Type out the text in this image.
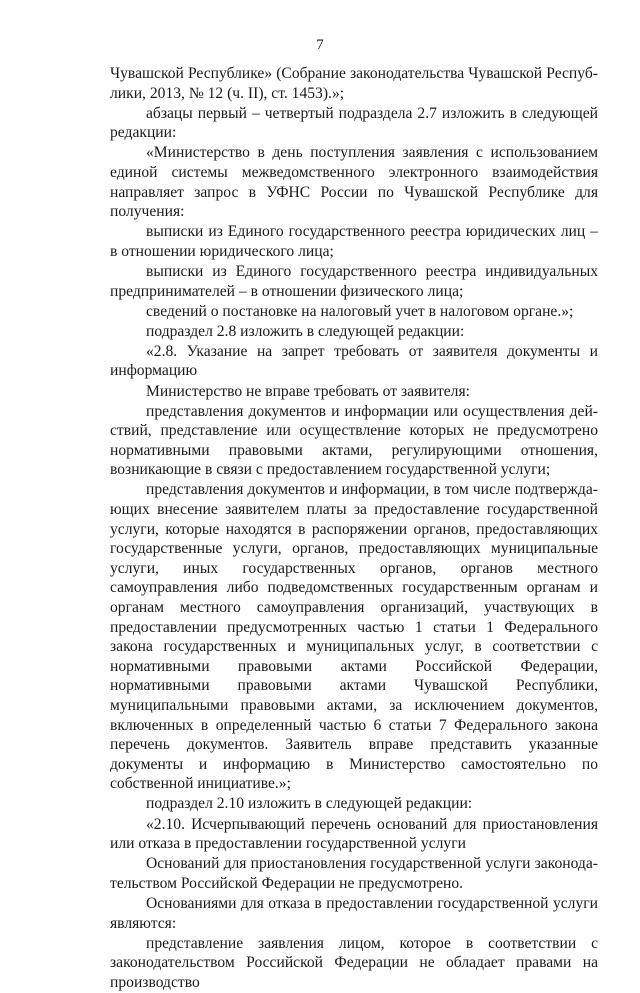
7

Чувашской Республике» (Собрание законодательства Чувашской Республики, 2013, № 12 (ч. II), ст. 1453).»;

абзацы первый – четвертый подраздела 2.7 изложить в следующей редакции:

«Министерство в день поступления заявления с использованием единой системы межведомственного электронного взаимодействия направляет запрос в УФНС России по Чувашской Республике для получения:

выписки из Единого государственного реестра юридических лиц – в отношении юридического лица;

выписки из Единого государственного реестра индивидуальных предпринимателей – в отношении физического лица;

сведений о постановке на налоговый учет в налоговом органе.»;

подраздел 2.8 изложить в следующей редакции:

«2.8. Указание на запрет требовать от заявителя документы и информацию

Министерство не вправе требовать от заявителя:

представления документов и информации или осуществления действий, представление или осуществление которых не предусмотрено нормативными правовыми актами, регулирующими отношения, возникающие в связи с предоставлением государственной услуги;

представления документов и информации, в том числе подтверждающих внесение заявителем платы за предоставление государственной услуги, которые находятся в распоряжении органов, предоставляющих государственные услуги, органов, предоставляющих муниципальные услуги, иных государственных органов, органов местного самоуправления либо подведомственных государственным органам и органам местного самоуправления организаций, участвующих в предоставлении предусмотренных частью 1 статьи 1 Федерального закона государственных и муниципальных услуг, в соответствии с нормативными правовыми актами Российской Федерации, нормативными правовыми актами Чувашской Республики, муниципальными правовыми актами, за исключением документов, включенных в определенный частью 6 статьи 7 Федерального закона перечень документов. Заявитель вправе представить указанные документы и информацию в Министерство самостоятельно по собственной инициативе.»;

подраздел 2.10 изложить в следующей редакции:

«2.10. Исчерпывающий перечень оснований для приостановления или отказа в предоставлении государственной услуги

Оснований для приостановления государственной услуги законодательством Российской Федерации не предусмотрено.

Основаниями для отказа в предоставлении государственной услуги являются:

представление заявления лицом, которое в соответствии с законодательством Российской Федерации не обладает правами на производство
